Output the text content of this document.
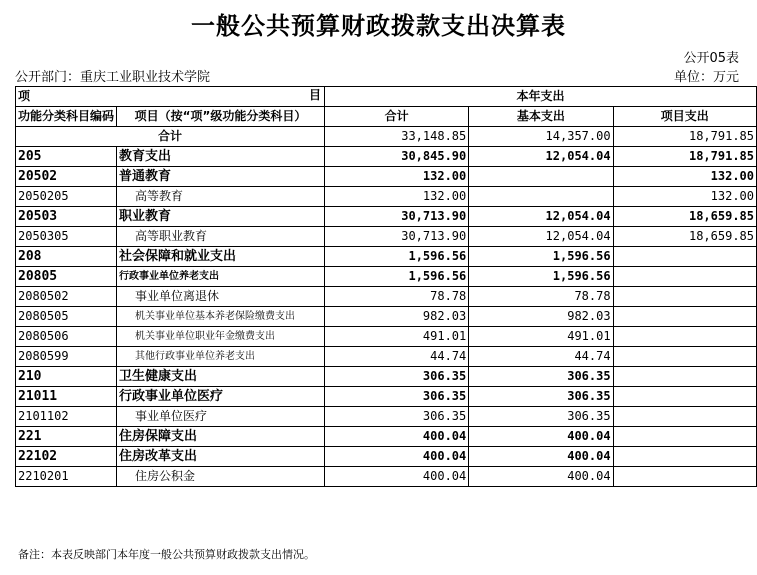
一般公共预算财政拨款支出决算表
公开05表
公开部门：重庆工业职业技术学院	单位：万元
项 目		本年支出		
功能分类科目编码	项目（按“项”级功能分类科目）	合计	基本支出	项目支出
合计		33,148.85	14,357.00	18,791.85
205	教育支出	30,845.90	12,054.04	18,791.85
20502	普通教育	132.00		132.00
2050205	高等教育	132.00		132.00
20503	职业教育	30,713.90	12,054.04	18,659.85
2050305	高等职业教育	30,713.90	12,054.04	18,659.85
208	社会保障和就业支出	1,596.56	1,596.56	
20805	行政事业单位养老支出	1,596.56	1,596.56	
2080502	事业单位离退休	78.78	78.78	
2080505	机关事业单位基本养老保险缴费支出	982.03	982.03	
2080506	机关事业单位职业年金缴费支出	491.01	491.01	
2080599	其他行政事业单位养老支出	44.74	44.74	
210	卫生健康支出	306.35	306.35	
21011	行政事业单位医疗	306.35	306.35	
2101102	事业单位医疗	306.35	306.35	
221	住房保障支出	400.04	400.04	
22102	住房改革支出	400.04	400.04	
2210201	住房公积金	400.04	400.04	
备注：本表反映部门本年度一般公共预算财政拨款支出情况。
